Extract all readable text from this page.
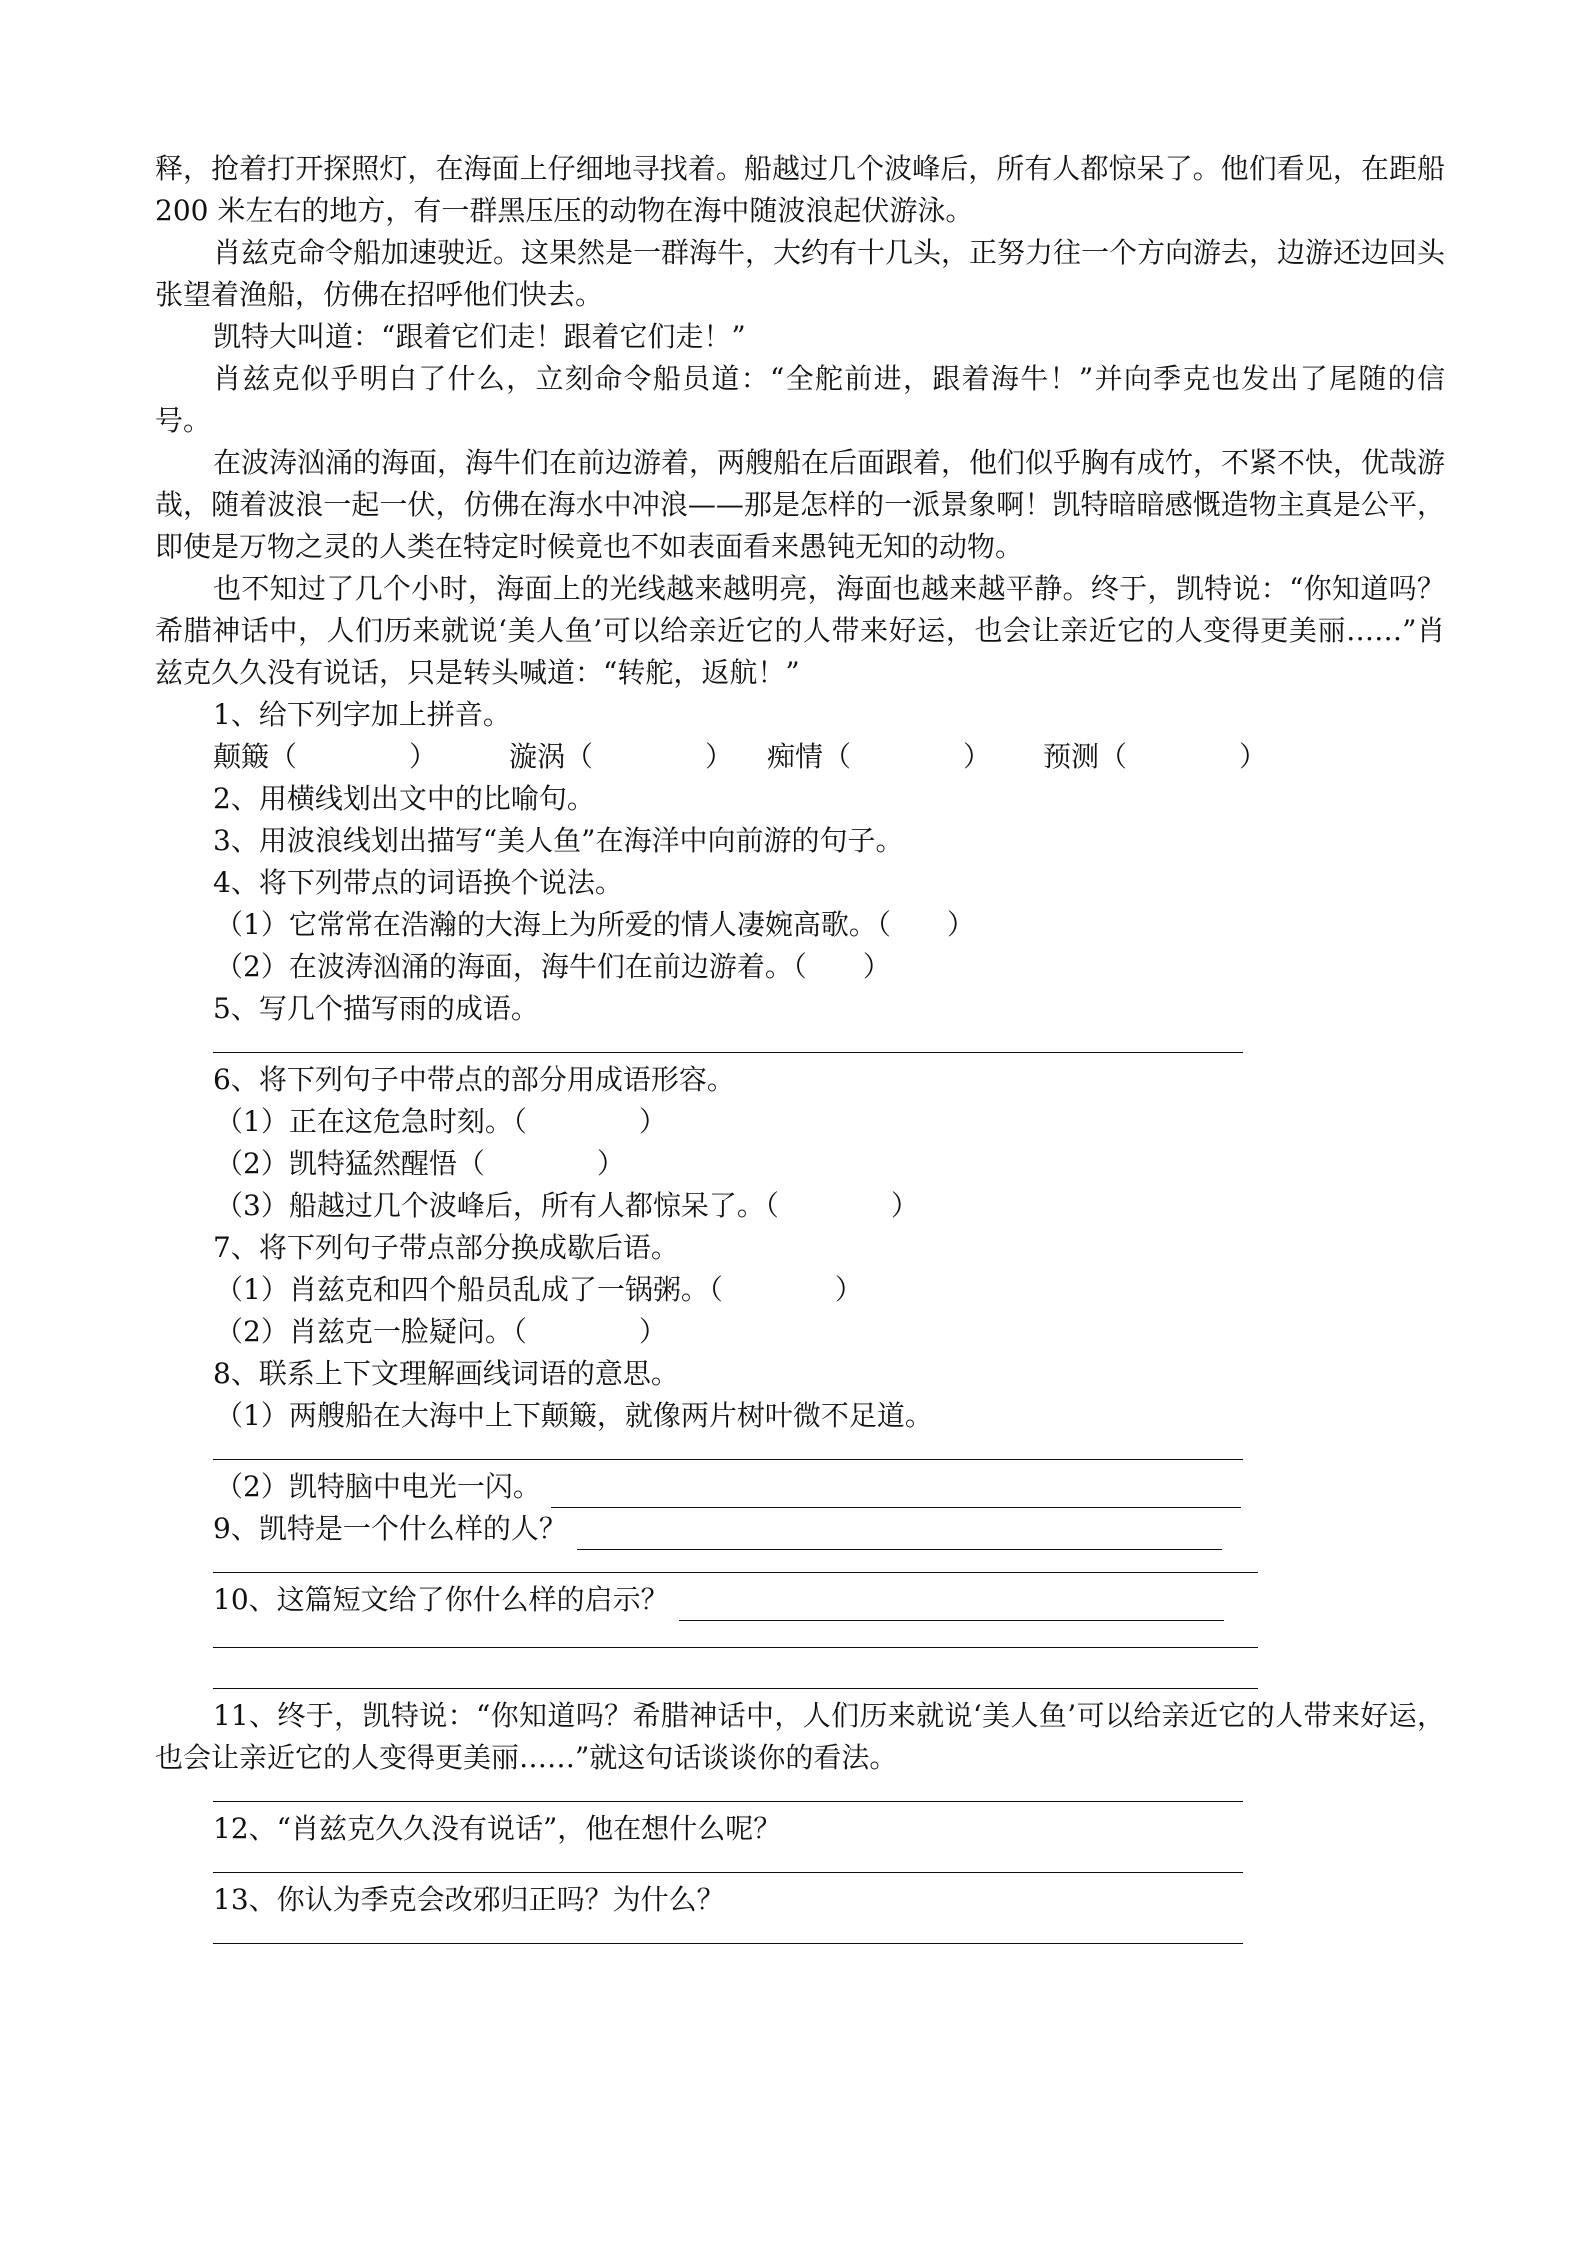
释，抢着打开探照灯，在海面上仔细地寻找着。船越过几个波峰后，所有人都惊呆了。他们看见，在距船 200 米左右的地方，有一群黑压压的动物在海中随波浪起伏游泳。

肖兹克命令船加速驶近。这果然是一群海牛，大约有十几头，正努力往一个方向游去，边游还边回头张望着渔船，仿佛在招呼他们快去。

凯特大叫道：“跟着它们走！跟着它们走！”

肖兹克似乎明白了什么，立刻命令船员道：“全舵前进，跟着海牛！”并向季克也发出了尾随的信号。

在波涛汹涌的海面，海牛们在前边游着，两艘船在后面跟着，他们似乎胸有成竹，不紧不快，优哉游哉，随着波浪一起一伏，仿佛在海水中冲浪——那是怎样的一派景象啊！凯特暗暗感慨造物主真是公平，即使是万物之灵的人类在特定时候竟也不如表面看来愚钝无知的动物。

也不知过了几个小时，海面上的光线越来越明亮，海面也越来越平静。终于，凯特说：“你知道吗？希腊神话中，人们历来就说‘美人鱼’可以给亲近它的人带来好运，也会让亲近它的人变得更美丽……”肖兹克久久没有说话，只是转头喊道：“转舵，返航！”

1、给下列字加上拼音。

颠簸（　　　　）	漩涡（　　　　） 痴情（　　　　） 预测（　　　　）

2、用横线划出文中的比喻句。

3、用波浪线划出描写“美人鱼”在海洋中向前游的句子。

4、将下列带点的词语换个说法。

（1）它常常在浩瀚的大海上为所爱的情人凄婉高歌。（　　）

（2）在波涛汹涌的海面，海牛们在前边游着。（　　）

5、写几个描写雨的成语。

6、将下列句子中带点的部分用成语形容。

（1）正在这危急时刻。（　　　　）

（2）凯特猛然醒悟（　　　　）

（3）船越过几个波峰后，所有人都惊呆了。（　　　　）

7、将下列句子带点部分换成歇后语。

（1）肖兹克和四个船员乱成了一锅粥。（　　　　）

（2）肖兹克一脸疑问。（　　　　）

8、联系上下文理解画线词语的意思。

（1）两艘船在大海中上下颠簸，就像两片树叶微不足道。

（2）凯特脑中电光一闪。

9、凯特是一个什么样的人？

10、这篇短文给了你什么样的启示？

11、终于，凯特说：“你知道吗？希腊神话中，人们历来就说‘美人鱼’可以给亲近它的人带来好运，也会让亲近它的人变得更美丽……”就这句话谈谈你的看法。

12、“肖兹克久久没有说话”，他在想什么呢？

13、你认为季克会改邪归正吗？为什么？
